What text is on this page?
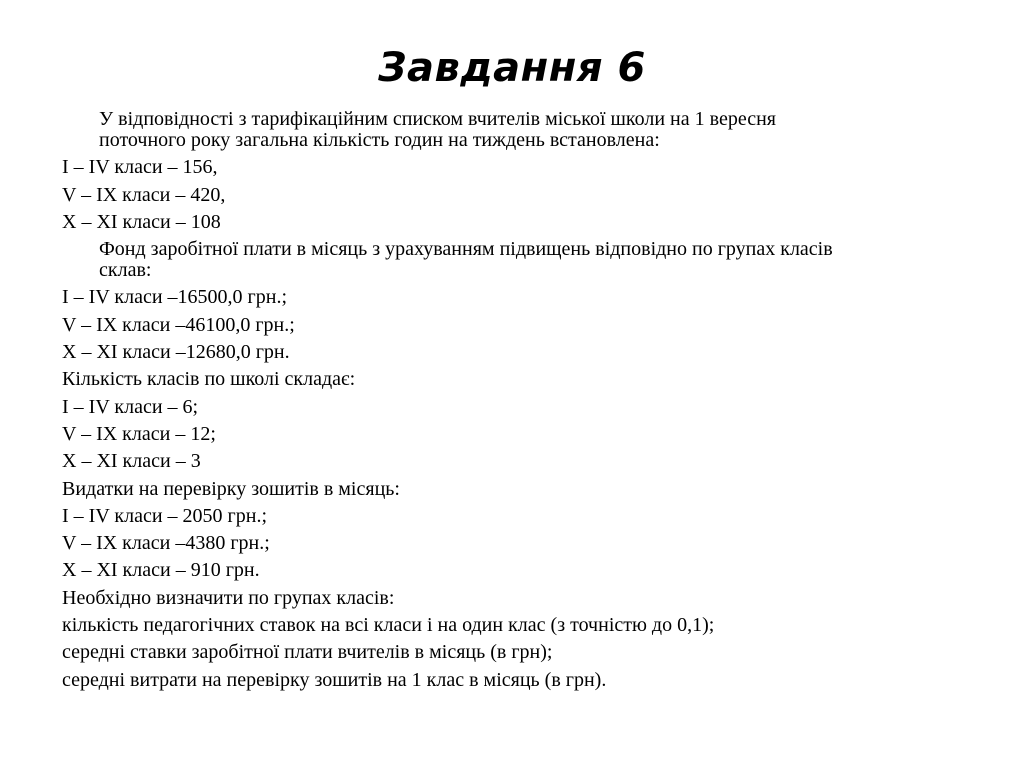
Завдання 6
У відповідності з тарифікаційним списком вчителів міської школи на 1 вересня
поточного року загальна кількість годин на тиждень встановлена:
I – IV класи – 156,
V – IX класи – 420,
X – XI класи – 108
Фонд заробітної плати в місяць з урахуванням підвищень відповідно по групах класів
склав:
I – IV класи –16500,0 грн.;
V – IX класи –46100,0 грн.;
X – XI класи –12680,0 грн.
Кількість класів по школі складає:
I – IV класи – 6;
V – IX класи – 12;
X – XI класи – 3
Видатки на перевірку зошитів в місяць:
I – IV класи – 2050 грн.;
V – IX класи –4380 грн.;
X – XI класи – 910 грн.
Необхідно визначити по групах класів:
кількість педагогічних ставок на всі класи і на один клас (з точністю до 0,1);
середні ставки заробітної плати вчителів в місяць (в грн);
середні витрати на перевірку зошитів на 1 клас в місяць (в грн).
